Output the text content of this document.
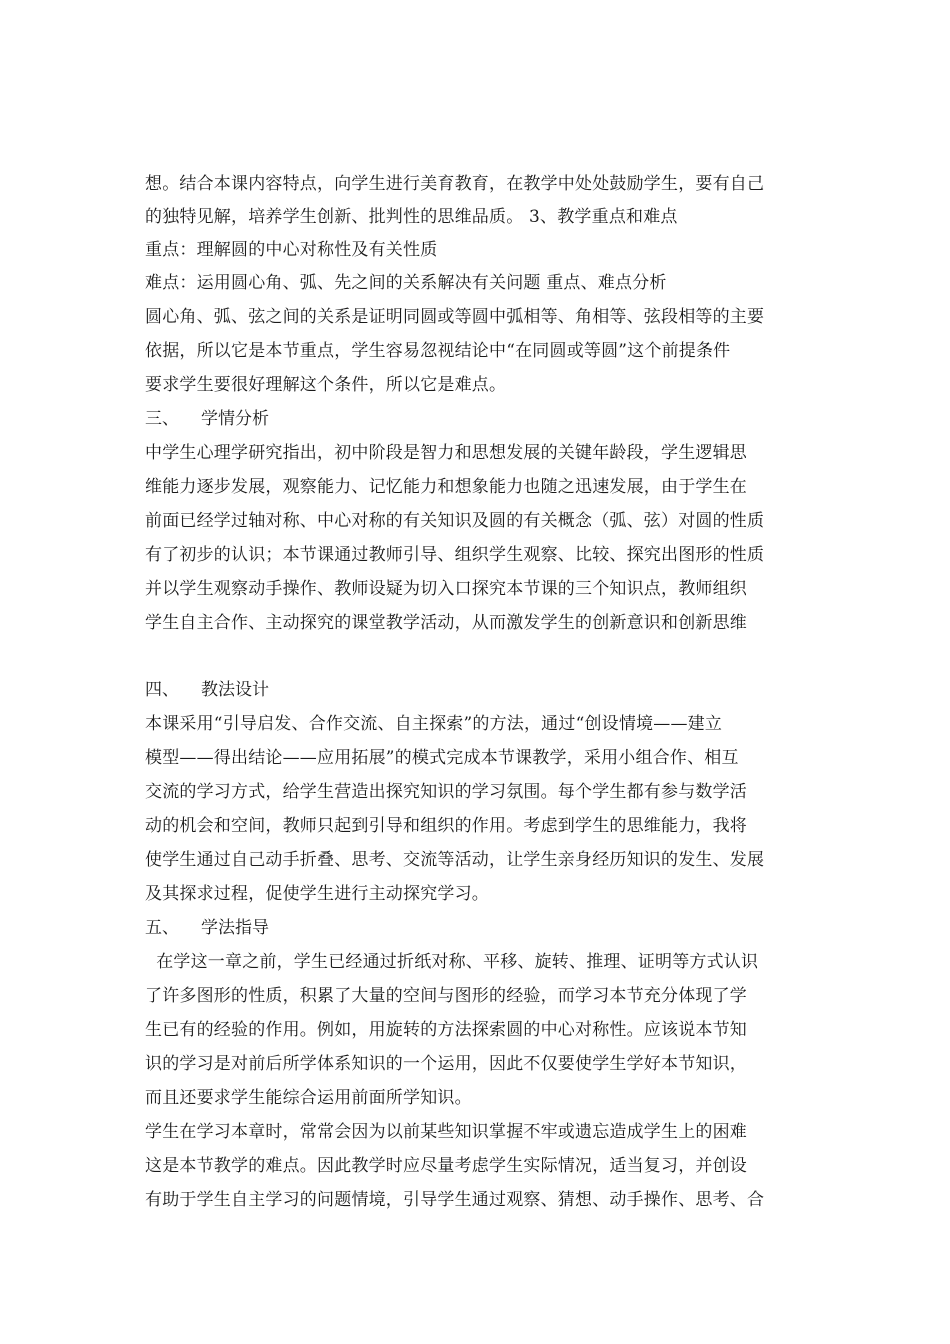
想。结合本课内容特点，向学生进行美育教育，在教学中处处鼓励学生，要有自己
的独特见解，培养学生创新、批判性的思维品质。 3、教学重点和难点
重点：理解圆的中心对称性及有关性质
难点：运用圆心角、弧、先之间的关系解决有关问题 重点、难点分析
圆心角、弧、弦之间的关系是证明同圆或等圆中弧相等、角相等、弦段相等的主要
依据，所以它是本节重点，学生容易忽视结论中“在同圆或等圆”这个前提条件
要求学生要很好理解这个条件，所以它是难点。
三、 学情分析
中学生心理学研究指出，初中阶段是智力和思想发展的关键年龄段，学生逻辑思
维能力逐步发展，观察能力、记忆能力和想象能力也随之迅速发展，由于学生在
前面已经学过轴对称、中心对称的有关知识及圆的有关概念（弧、弦）对圆的性质
有了初步的认识；本节课通过教师引导、组织学生观察、比较、探究出图形的性质
并以学生观察动手操作、教师设疑为切入口探究本节课的三个知识点，教师组织
学生自主合作、主动探究的课堂教学活动，从而激发学生的创新意识和创新思维
四、 教法设计
本课采用“引导启发、合作交流、自主探索”的方法，通过“创设情境——建立
模型——得出结论——应用拓展”的模式完成本节课教学，采用小组合作、相互
交流的学习方式，给学生营造出探究知识的学习氛围。每个学生都有参与数学活
动的机会和空间，教师只起到引导和组织的作用。考虑到学生的思维能力，我将
使学生通过自己动手折叠、思考、交流等活动，让学生亲身经历知识的发生、发展
及其探求过程，促使学生进行主动探究学习。
五、 学法指导
在学这一章之前，学生已经通过折纸对称、平移、旋转、推理、证明等方式认识
了许多图形的性质，积累了大量的空间与图形的经验，而学习本节充分体现了学
生已有的经验的作用。例如，用旋转的方法探索圆的中心对称性。应该说本节知
识的学习是对前后所学体系知识的一个运用，因此不仅要使学生学好本节知识，
而且还要求学生能综合运用前面所学知识。
学生在学习本章时，常常会因为以前某些知识掌握不牢或遗忘造成学生上的困难
这是本节教学的难点。因此教学时应尽量考虑学生实际情况，适当复习，并创设
有助于学生自主学习的问题情境，引导学生通过观察、猜想、动手操作、思考、合
